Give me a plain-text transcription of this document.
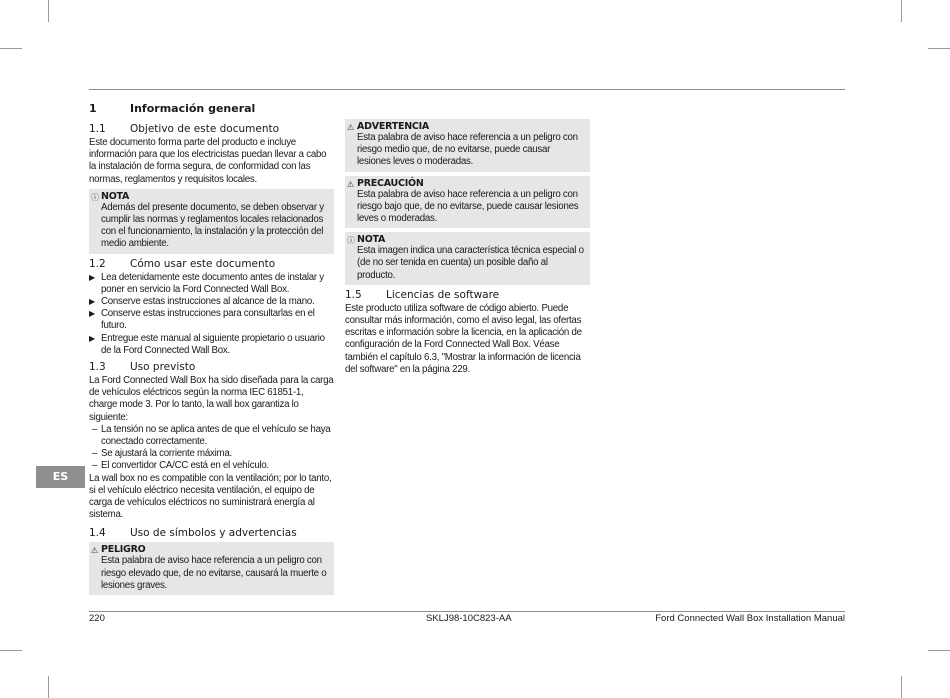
ES
1	Información general
1.1	Objetivo de este documento

Este documento forma parte del producto e incluye información para que los electricistas puedan llevar a cabo la instalación de forma segura, de conformidad con las normas, reglamentos y requisitos locales.

ⓘ NOTA
Además del presente documento, se deben observar y cumplir las normas y reglamentos locales relacionados con el funcionamiento, la instalación y la protección del medio ambiente.
1.2	Cómo usar este documento
▶ Lea detenidamente este documento antes de instalar y poner en servicio la Ford Connected Wall Box.
▶ Conserve estas instrucciones al alcance de la mano.
▶ Conserve estas instrucciones para consultarlas en el futuro.
▶ Entregue este manual al siguiente propietario o usuario de la Ford Connected Wall Box.
1.3	Uso previsto

La Ford Connected Wall Box ha sido diseñada para la carga de vehículos eléctricos según la norma IEC 61851-1, charge mode 3. Por lo tanto, la wall box garantiza lo siguiente:

– La tensión no se aplica antes de que el vehículo se haya conectado correctamente.
– Se ajustará la corriente máxima.
– El convertidor CA/CC está en el vehículo.

La wall box no es compatible con la ventilación; por lo tanto, si el vehículo eléctrico necesita ventilación, el equipo de carga de vehículos eléctricos no suministrará energía al sistema.

1.4	Uso de símbolos y advertencias
⚠ PELIGRO
Esta palabra de aviso hace referencia a un peligro con riesgo elevado que, de no evitarse, causará la muerte o lesiones graves.
⚠ ADVERTENCIA
Esta palabra de aviso hace referencia a un peligro con riesgo medio que, de no evitarse, puede causar lesiones leves o moderadas.
⚠ PRECAUCIÓN
Esta palabra de aviso hace referencia a un peligro con riesgo bajo que, de no evitarse, puede causar lesiones leves o moderadas.
ⓘ NOTA
Esta imagen indica una característica técnica especial o (de no ser tenida en cuenta) un posible daño al producto.
1.5	Licencias de software

Este producto utiliza software de código abierto. Puede consultar más información, como el aviso legal, las ofertas escritas e información sobre la licencia, en la aplicación de configuración de la Ford Connected Wall Box. Véase también el capítulo 6.3, "Mostrar la información de licencia del software" en la página 229.

220	SKLJ98-10C823-AA	Ford Connected Wall Box Installation Manual
